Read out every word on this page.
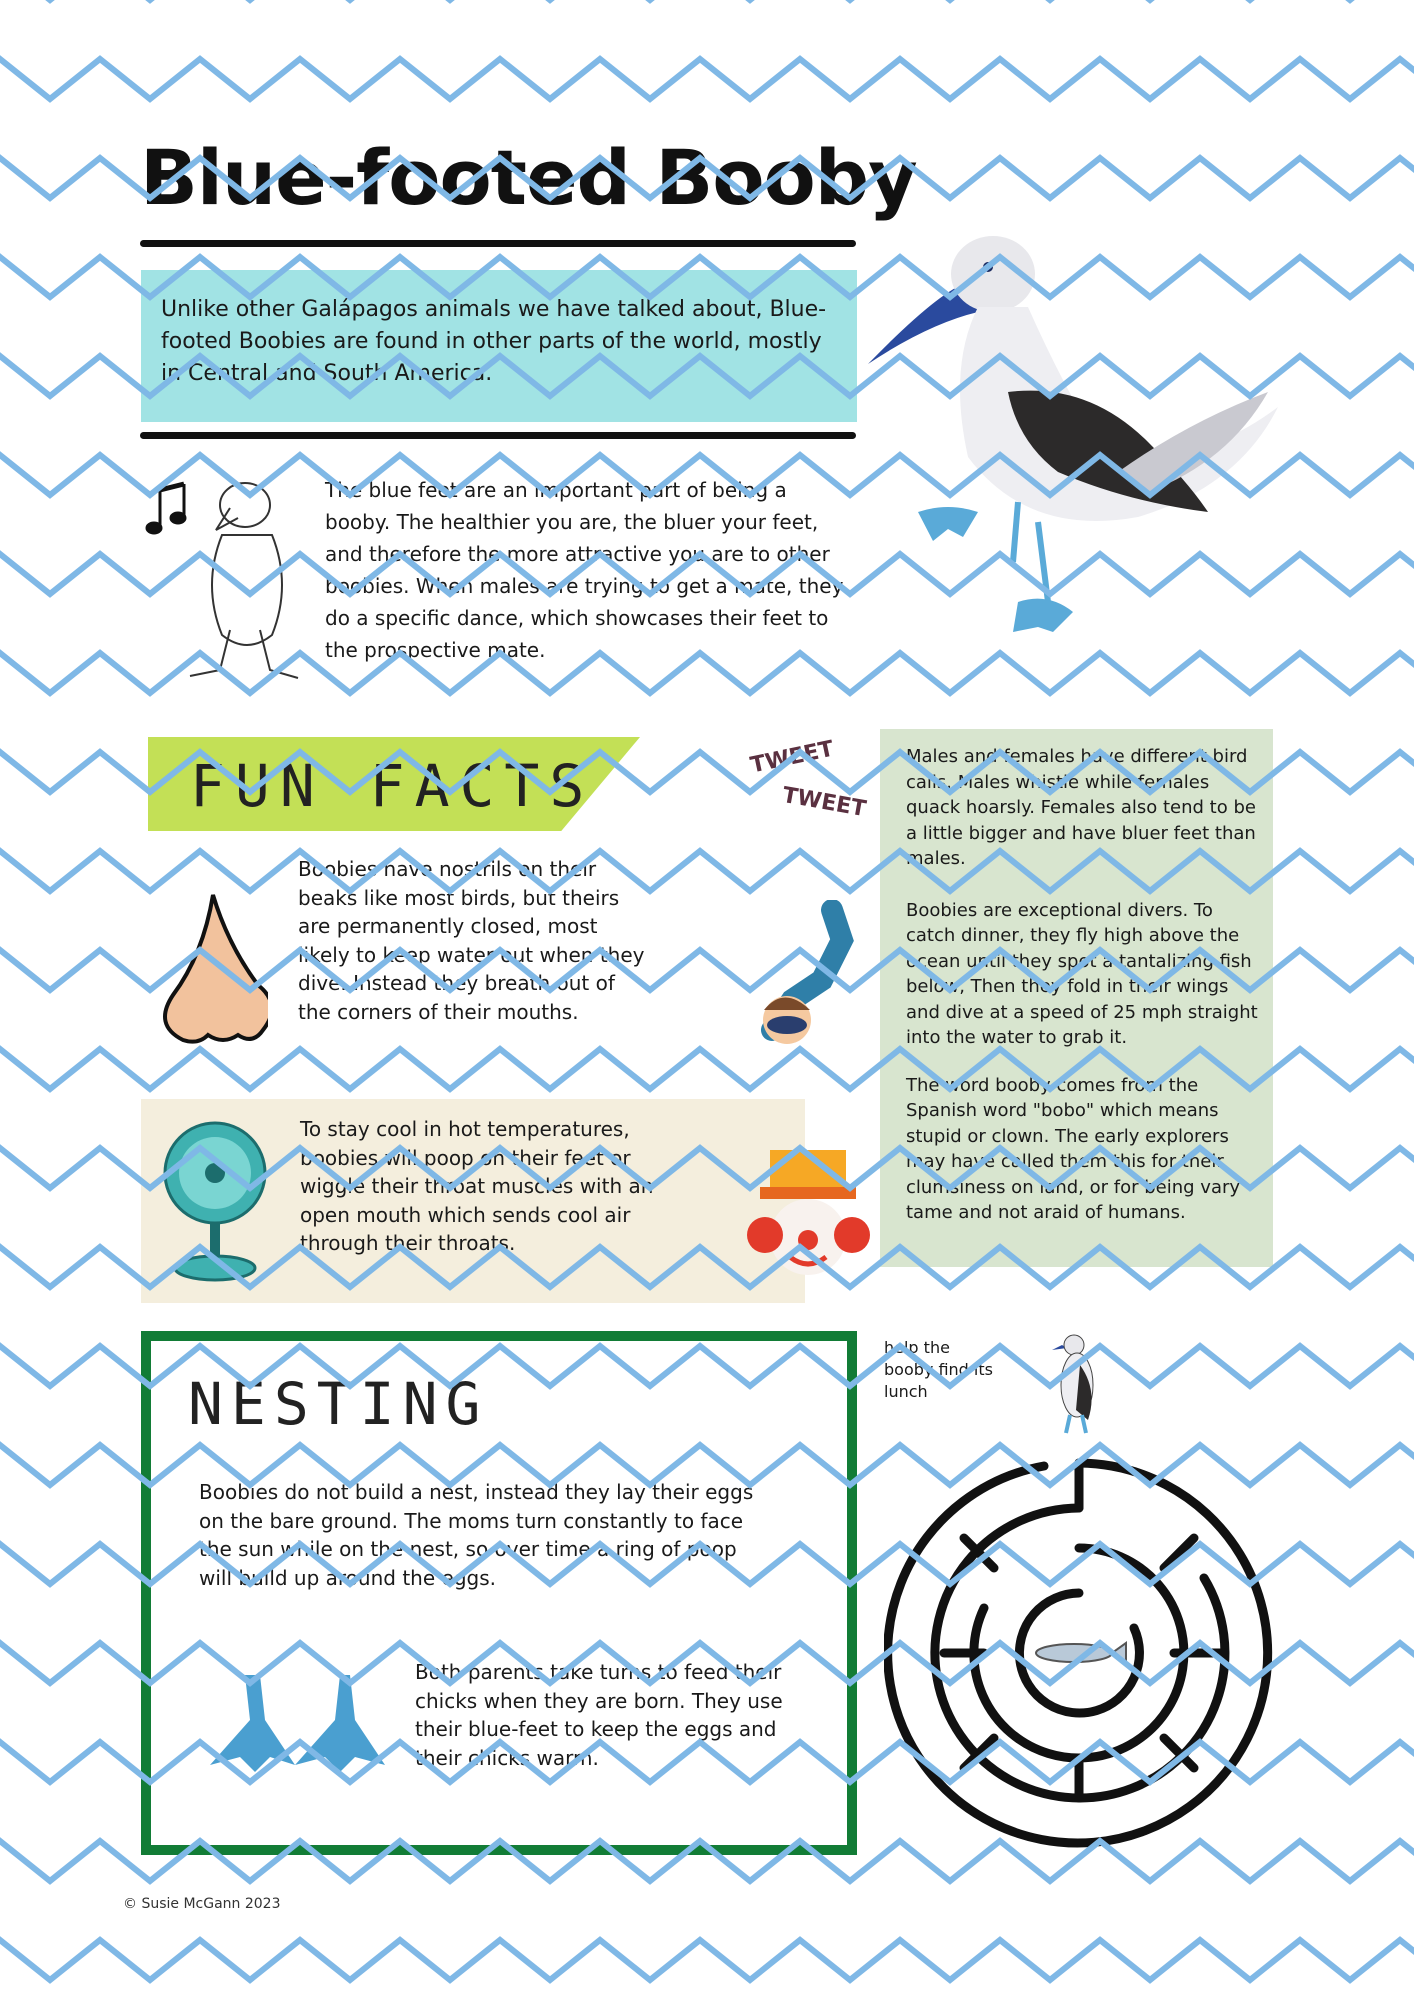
Blue-footed Booby
Unlike other Galápagos animals we have talked about, Blue-footed Boobies are found in other parts of the world, mostly in Central and South America.
The blue feet are an important part of being a booby. The healthier you are, the bluer your feet, and therefore the more attractive you are to other boobies. When males are trying to get a mate, they do a specific dance, which showcases their feet to the prospective mate.
FUN FACTS
Boobies have nostrils on their beaks like most birds, but theirs are permanently closed, most likely to keep water out when they dive. Instead they breath out of the corners of their mouths.
To stay cool in hot temperatures, boobies will poop on their feet or wiggle their throat muscles with an open mouth which sends cool air through their throats.
TWEET
TWEET

Males and females have different bird calls. Males whistle while females quack hoarsly. Females also tend to be a little bigger and have bluer feet than males.

Boobies are exceptional divers. To catch dinner, they fly high above the ocean until they spot a tantalizing fish below, Then they fold in their wings and dive at a speed of 25 mph straight into the water to grab it.

The word booby comes from the Spanish word "bobo" which means stupid or clown. The early explorers may have called them this for their clumsiness on land, or for being vary tame and not araid of humans.

NESTING
Boobies do not build a nest, instead they lay their eggs on the bare ground. The moms turn constantly to face the sun while on the nest, so over time a ring of poop will build up around the eggs.
Both parents take turns to feed their chicks when they are born. They use their blue-feet to keep the eggs and their chicks warm.
help the booby find its lunch
© Susie McGann 2023
